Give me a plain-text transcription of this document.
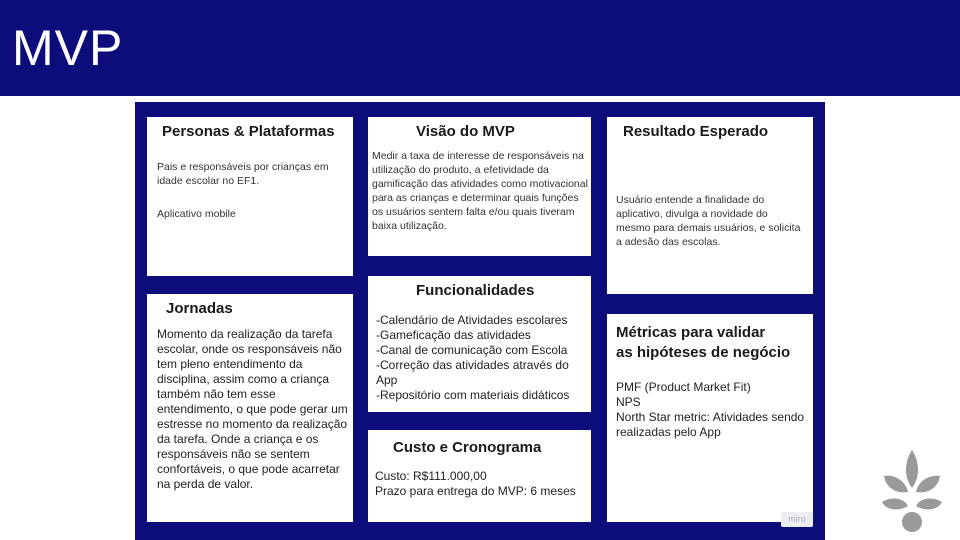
MVP
Personas & Plataformas

Pais e responsáveis por crianças em idade escolar no EF1.

Aplicativo mobile

Visão do MVP
Medir a taxa de interesse de responsáveis na utilização do produto, a efetividade da gamificação das atividades como motivacional para as crianças e determinar quais funções os usuários sentem falta e/ou quais tiveram baixa utilização.
Resultado Esperado
Usuário entende a finalidade do aplicativo, divulga a novidade do mesmo para demais usuários, e solicita a adesão das escolas.
Jornadas
Momento da realização da tarefa escolar, onde os responsáveis não tem pleno entendimento da disciplina, assim como a criança também não tem esse entendimento, o que pode gerar um estresse no momento da realização da tarefa. Onde a criança e os responsáveis não se sentem confortáveis, o que pode acarretar na perda de valor.
Funcionalidades

-Calendário de Atividades escolares

-Gameficação das atividades

-Canal de comunicação com Escola

-Correção das atividades através do App

-Repositório com materiais didáticos

Métricas para validar
as hipóteses de negócio

PMF (Product Market Fit)

NPS

North Star metric: Atividades sendo realizadas pelo App

Custo e Cronograma

Custo: R$111.000,00

Prazo para entrega do MVP: 6 meses

miro
